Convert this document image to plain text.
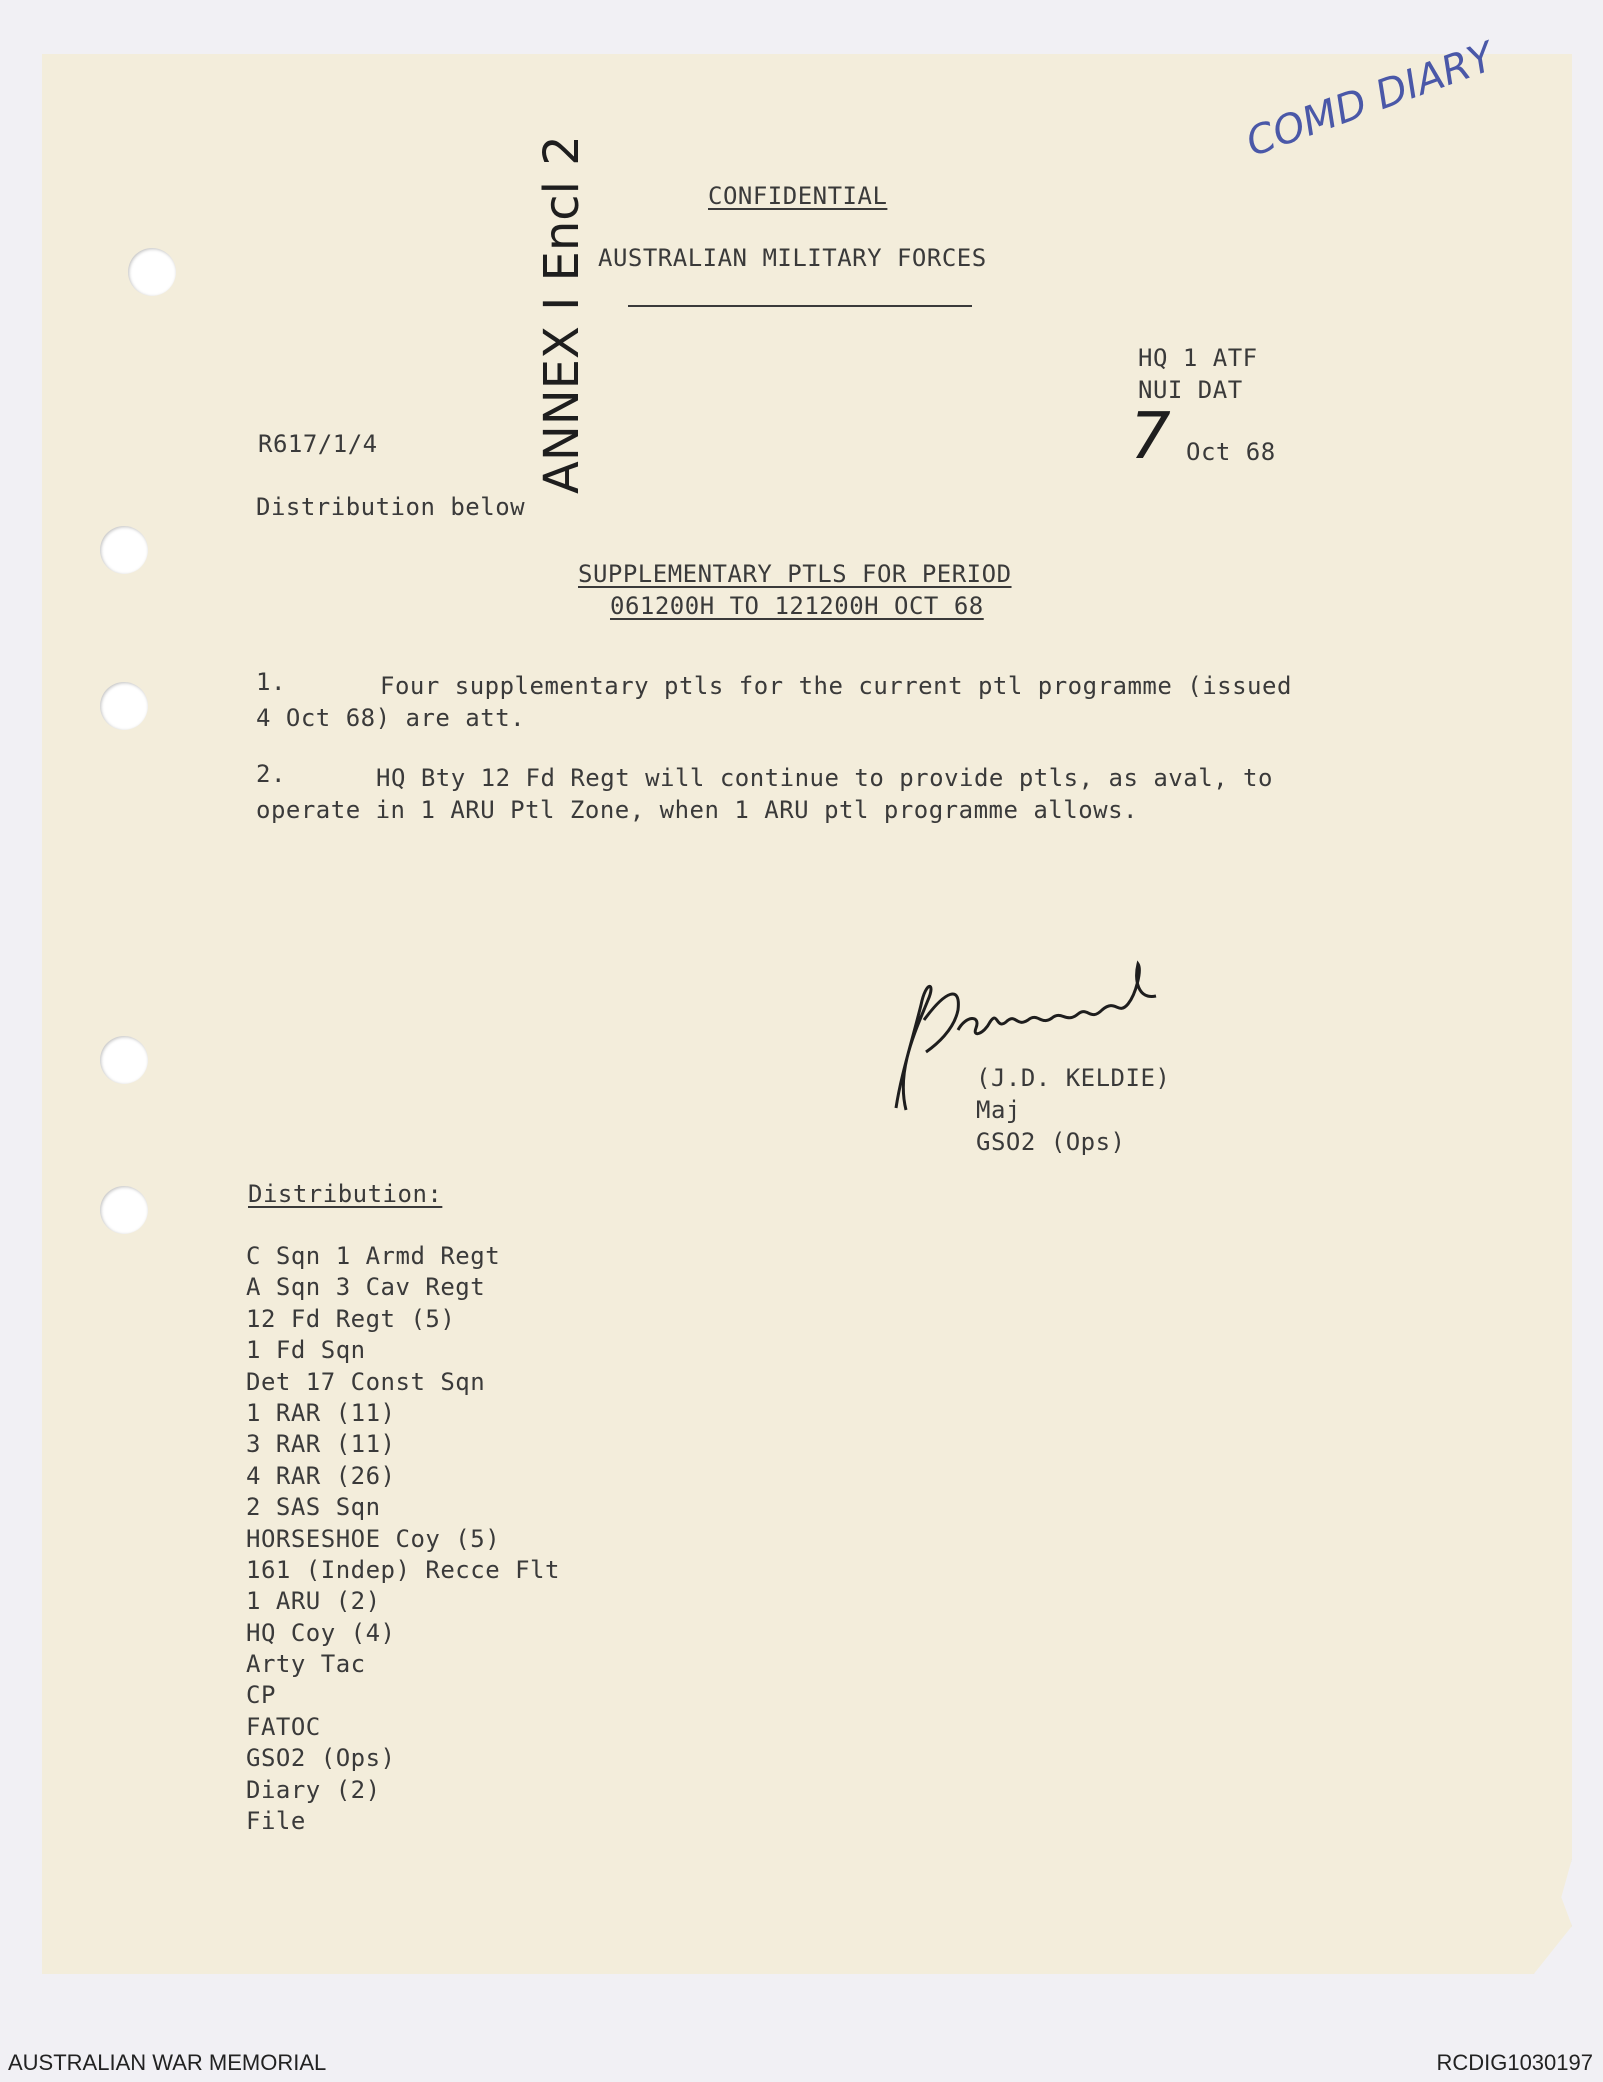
CONFIDENTIAL
AUSTRALIAN MILITARY FORCES
COMD DIARY
ANNEX I Encl 2	HQ 1 ATF
NUI DAT
7 Oct 68
R617/1/4
Distribution below
SUPPLEMENTARY PTLS FOR PERIOD
061200H TO 121200H OCT 68
1.	Four supplementary ptls for the current ptl programme (issued
4 Oct 68) are att.
2.	HQ Bty 12 Fd Regt will continue to provide ptls, as aval, to
operate in 1 ARU Ptl Zone, when 1 ARU ptl programme allows.
(J.D. KELDIE)
Maj
GSO2 (Ops)
Distribution:
C Sqn 1 Armd Regt
A Sqn 3 Cav Regt
12 Fd Regt (5)
1 Fd Sqn
Det 17 Const Sqn
1 RAR (11)
3 RAR (11)
4 RAR (26)
2 SAS Sqn
HORSESHOE Coy (5)
161 (Indep) Recce Flt
1 ARU (2)
HQ Coy (4)
Arty Tac
CP
FATOC
GSO2 (Ops)
Diary (2)
File
AUSTRALIAN WAR MEMORIAL	RCDIG1030197
